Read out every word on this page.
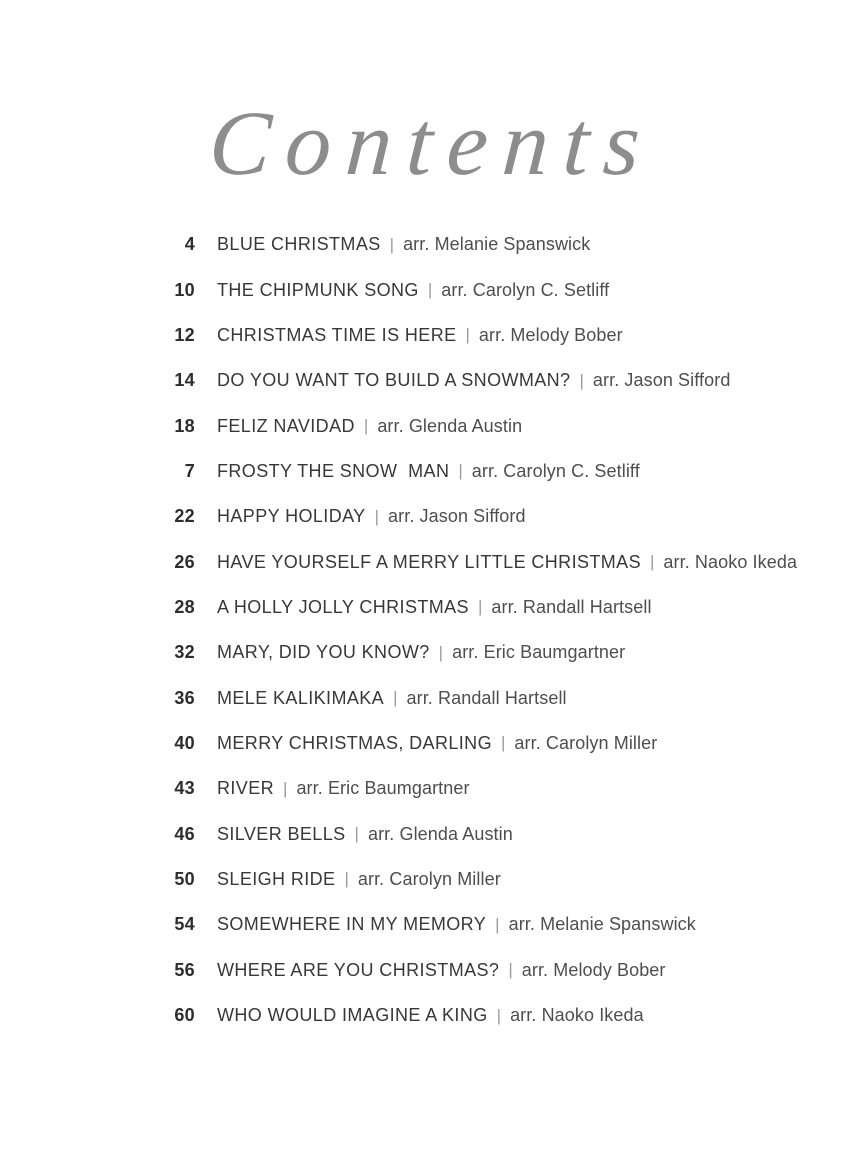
Contents
4 BLUE CHRISTMAS | arr. Melanie Spanswick
10 THE CHIPMUNK SONG | arr. Carolyn C. Setliff
12 CHRISTMAS TIME IS HERE | arr. Melody Bober
14 DO YOU WANT TO BUILD A SNOWMAN? | arr. Jason Sifford
18 FELIZ NAVIDAD | arr. Glenda Austin
7 FROSTY THE SNOW  MAN | arr. Carolyn C. Setliff
22 HAPPY HOLIDAY | arr. Jason Sifford
26 HAVE YOURSELF A MERRY LITTLE CHRISTMAS | arr. Naoko Ikeda
28 A HOLLY JOLLY CHRISTMAS | arr. Randall Hartsell
32 MARY, DID YOU KNOW? | arr. Eric Baumgartner
36 MELE KALIKIMAKA | arr. Randall Hartsell
40 MERRY CHRISTMAS, DARLING | arr. Carolyn Miller
43 RIVER | arr. Eric Baumgartner
46 SILVER BELLS | arr. Glenda Austin
50 SLEIGH RIDE | arr. Carolyn Miller
54 SOMEWHERE IN MY MEMORY | arr. Melanie Spanswick
56 WHERE ARE YOU CHRISTMAS? | arr. Melody Bober
60 WHO WOULD IMAGINE A KING | arr. Naoko Ikeda
